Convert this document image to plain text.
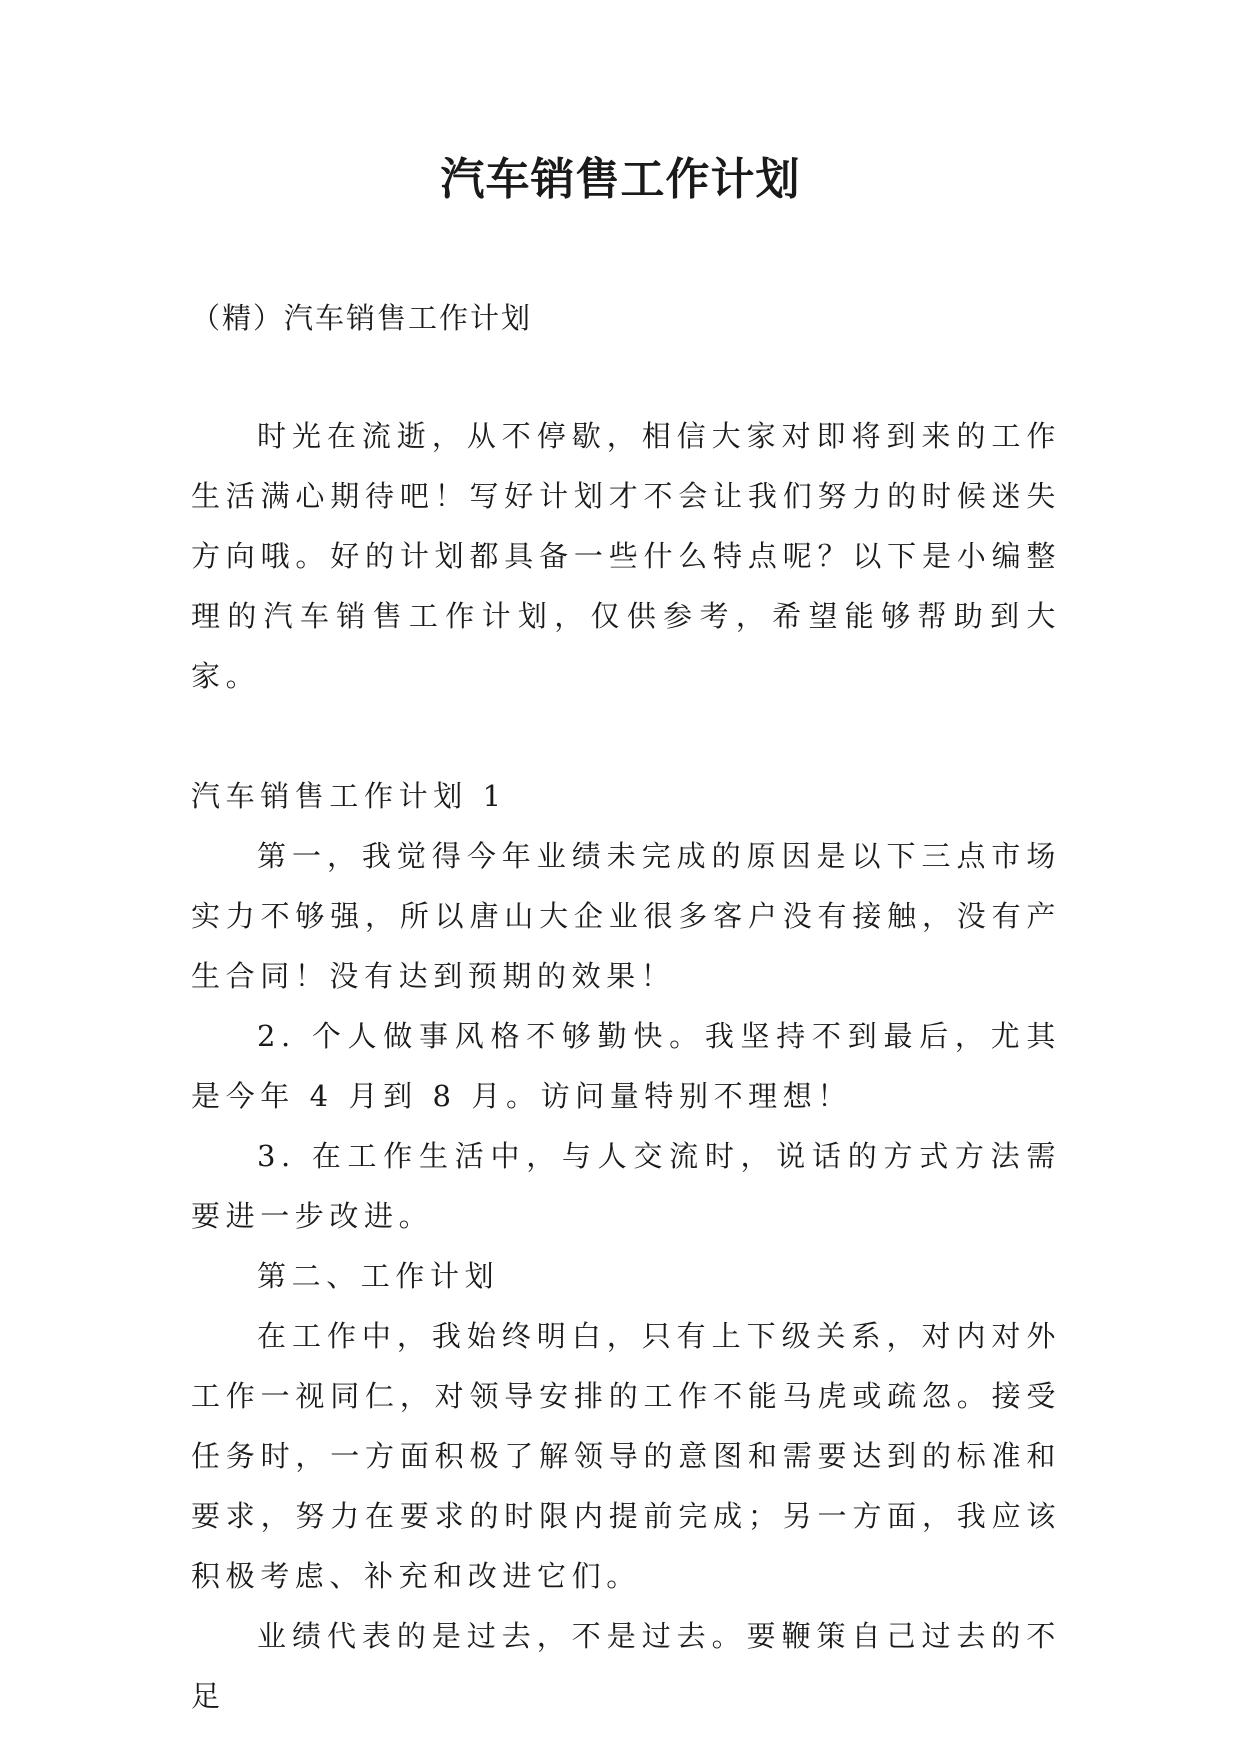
汽车销售工作计划

（精）汽车销售工作计划

时光在流逝，从不停歇，相信大家对即将到来的工作生活满心期待吧！写好计划才不会让我们努力的时候迷失方向哦。好的计划都具备一些什么特点呢？以下是小编整理的汽车销售工作计划，仅供参考，希望能够帮助到大家。

汽车销售工作计划 1

第一，我觉得今年业绩未完成的原因是以下三点市场实力不够强，所以唐山大企业很多客户没有接触，没有产生合同！没有达到预期的效果！

2. 个人做事风格不够勤快。我坚持不到最后，尤其是今年 4 月到 8 月。访问量特别不理想！

3. 在工作生活中，与人交流时，说话的方式方法需要进一步改进。

第二、工作计划

在工作中，我始终明白，只有上下级关系，对内对外工作一视同仁，对领导安排的工作不能马虎或疏忽。接受任务时，一方面积极了解领导的意图和需要达到的标准和要求，努力在要求的时限内提前完成；另一方面，我应该积极考虑、补充和改进它们。

业绩代表的是过去，不是过去。要鞭策自己过去的不足
